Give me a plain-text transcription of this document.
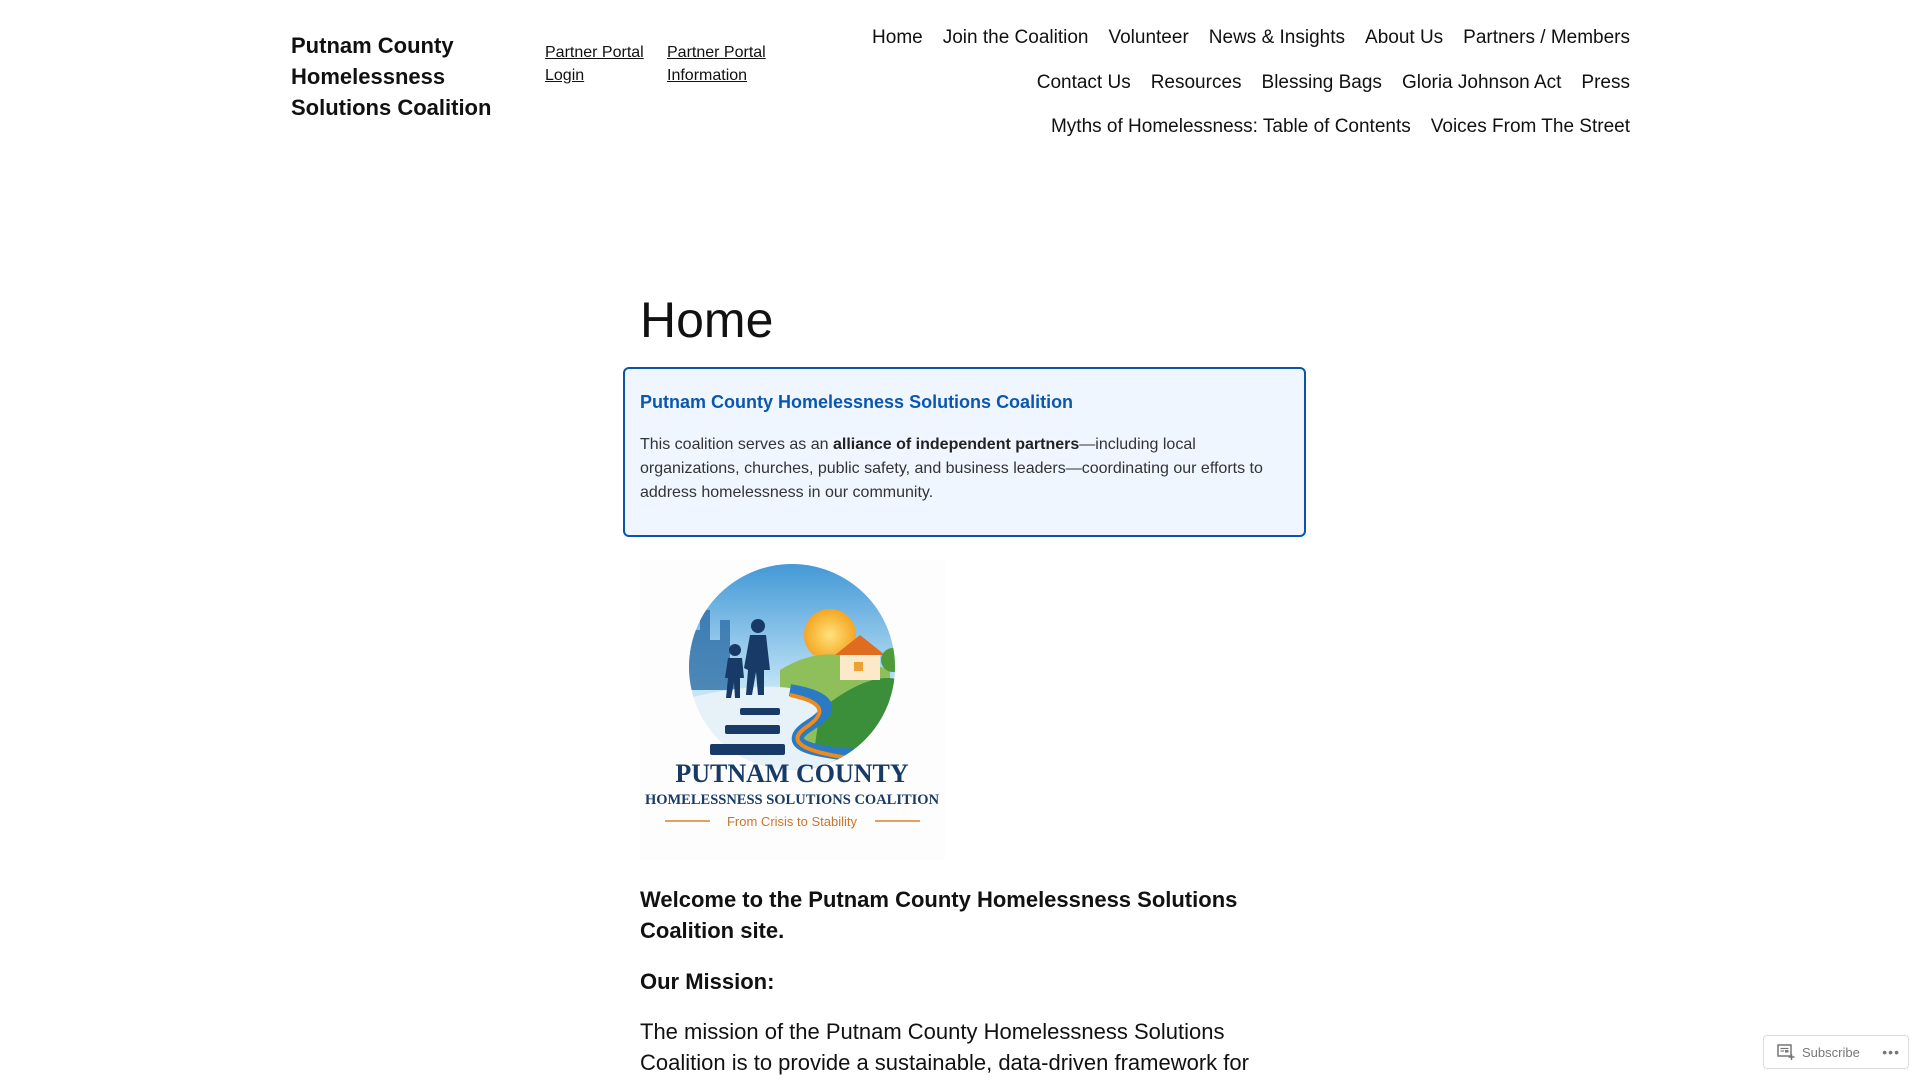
Putnam County Homelessness Solutions Coalition
Partner Portal Login
Partner Portal Information
Home Join the Coalition Volunteer News & Insights About Us Partners / Members
Contact Us Resources Blessing Bags Gloria Johnson Act Press
Myths of Homelessness: Table of Contents Voices From The Street
Home
Putnam County Homelessness Solutions Coalition

This coalition serves as an alliance of independent partners—including local organizations, churches, public safety, and business leaders—coordinating our efforts to address homelessness in our community.

PUTNAM COUNTY
HOMELESSNESS SOLUTIONS COALITION
From Crisis to Stability

Welcome to the Putnam County Homelessness Solutions Coalition site.

Our Mission:

The mission of the Putnam County Homelessness Solutions Coalition is to provide a sustainable, data-driven framework for	Subscribe •••
